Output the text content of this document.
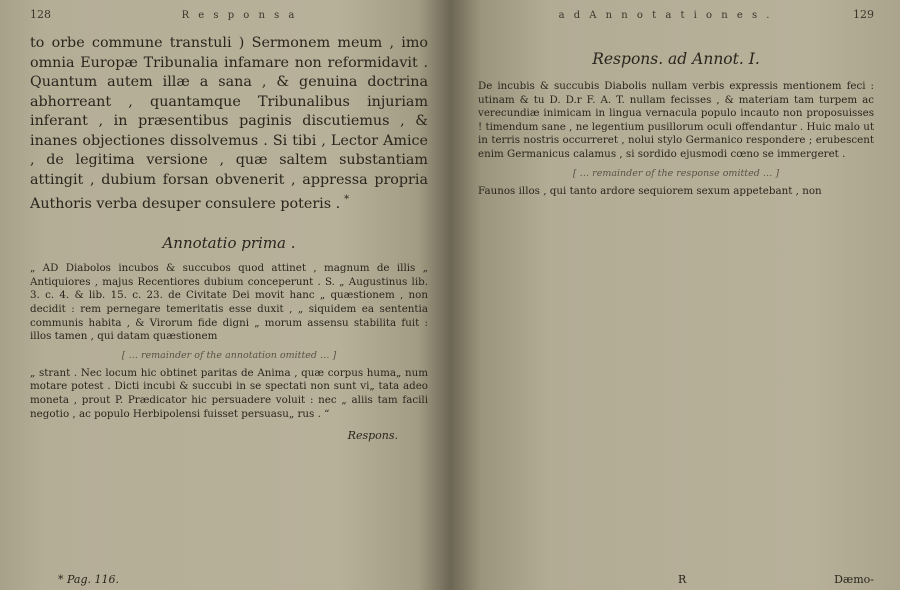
128	R e s p o n s a

to orbe commune transtuli ) Sermonem meum , imo omnia Europæ Tribunalia infamare non reformidavit . Quantum autem illæ a sana , & genuina doctrina abhorreant , quantamque Tribunalibus injuriam inferant , in præsentibus paginis discutiemus , & inanes objectiones dissolvemus . Si tibi , Lector Amice , de legitima versione , quæ saltem substantiam attingit , dubium forsan obvenerit , appressa propria Authoris verba desuper consulere poteris . *

Annotatio prima .

„ AD Diabolos incubos & succubos quod attinet , magnum de illis „ Antiquiores , majus Recentiores dubium conceperunt . S. „ Augustinus lib. 3. c. 4. & lib. 15. c. 23. de Civitate Dei movit hanc „ quæstionem , non decidit : rem pernegare temeritatis esse duxit , „ siquidem ea sententia communis habita , & Virorum fide digni „ morum assensu stabilita fuit : illos tamen , qui datam quæstionem

[ … remainder of the annotation omitted … ]

„ strant . Nec locum hic obtinet paritas de Anima , quæ corpus huma„ num motare potest . Dicti incubi & succubi in se spectati non sunt vi„ tata adeo moneta , prout P. Prædicator hic persuadere voluit : nec „ aliis tam facili negotio , ac populo Herbipolensi fuisset persuasu„ rus . “

Respons.
* Pag. 116.
a d A n n o t a t i o n e s .	129
Respons. ad Annot. I.

De incubis & succubis Diabolis nullam verbis expressis mentionem feci : utinam & tu D. D.r F. A. T. nullam fecisses , & materiam tam turpem ac verecundiæ inimicam in lingua vernacula populo incauto non proposuisses ! timendum sane , ne legentium pusillorum oculi offendantur . Huic malo ut in terris nostris occurreret , nolui stylo Germanico respondere ; erubescent enim Germanicus calamus , si sordido ejusmodi cœno se immergeret .

[ … remainder of the response omitted … ]

Faunos illos , qui tanto ardore sequiorem sexum appetebant , non

R	Dæmo-
